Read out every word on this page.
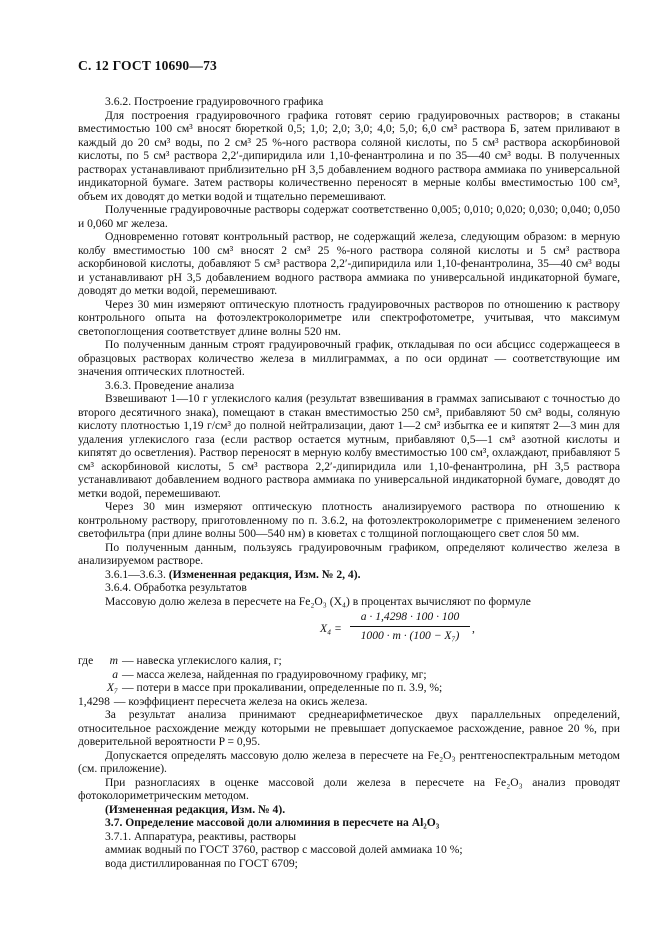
С. 12 ГОСТ 10690—73

3.6.2. Построение градуировочного графика

Для построения градуировочного графика готовят серию градуировочных растворов; в стаканы вместимостью 100 см³ вносят бюреткой 0,5; 1,0; 2,0; 3,0; 4,0; 5,0; 6,0 см³ раствора Б, затем приливают в каждый до 20 см³ воды, по 2 см³ 25 %-ного раствора соляной кислоты, по 5 см³ раствора аскорбиновой кислоты, по 5 см³ раствора 2,2′-дипиридила или 1,10-фенантролина и по 35—40 см³ воды. В полученных растворах устанавливают приблизительно pH 3,5 добавлением водного раствора аммиака по универсальной индикаторной бумаге. Затем растворы количественно переносят в мерные колбы вместимостью 100 см³, объем их доводят до метки водой и тщательно перемешивают.

Полученные градуировочные растворы содержат соответственно 0,005; 0,010; 0,020; 0,030; 0,040; 0,050 и 0,060 мг железа.

Одновременно готовят контрольный раствор, не содержащий железа, следующим образом: в мерную колбу вместимостью 100 см³ вносят 2 см³ 25 %-ного раствора соляной кислоты и 5 см³ раствора аскорбиновой кислоты, добавляют 5 см³ раствора 2,2′-дипиридила или 1,10-фенантролина, 35—40 см³ воды и устанавливают pH 3,5 добавлением водного раствора аммиака по универсальной индикаторной бумаге, доводят до метки водой, перемешивают.

Через 30 мин измеряют оптическую плотность градуировочных растворов по отношению к раствору контрольного опыта на фотоэлектроколориметре или спектрофотометре, учитывая, что максимум светопоглощения соответствует длине волны 520 нм.

По полученным данным строят градуировочный график, откладывая по оси абсцисс содержащееся в образцовых растворах количество железа в миллиграммах, а по оси ординат — соответствующие им значения оптических плотностей.

3.6.3. Проведение анализа

Взвешивают 1—10 г углекислого калия (результат взвешивания в граммах записывают с точностью до второго десятичного знака), помещают в стакан вместимостью 250 см³, прибавляют 50 см³ воды, соляную кислоту плотностью 1,19 г/см³ до полной нейтрализации, дают 1—2 см³ избытка ее и кипятят 2—3 мин для удаления углекислого газа (если раствор остается мутным, прибавляют 0,5—1 см³ азотной кислоты и кипятят до осветления). Раствор переносят в мерную колбу вместимостью 100 см³, охлаждают, прибавляют 5 см³ аскорбиновой кислоты, 5 см³ раствора 2,2′-дипиридила или 1,10-фенантролина, pH 3,5 раствора устанавливают добавлением водного раствора аммиака по универсальной индикаторной бумаге, доводят до метки водой, перемешивают.

Через 30 мин измеряют оптическую плотность анализируемого раствора по отношению к контрольному раствору, приготовленному по п. 3.6.2, на фотоэлектроколориметре с применением зеленого светофильтра (при длине волны 500—540 нм) в кюветах с толщиной поглощающего свет слоя 50 мм.

По полученным данным, пользуясь градуировочным графиком, определяют количество железа в анализируемом растворе.

3.6.1—3.6.3. (Измененная редакция, Изм. № 2, 4).

3.6.4. Обработка результатов

Массовую долю железа в пересчете на Fe₂O₃ (X₄) в процентах вычисляют по формуле

X₄ =
a · 1,4298 · 100 · 100
1000 · m · (100 − X₇)
,

где	m — навеска углекислого калия, г;

a — масса железа, найденная по градуировочному графику, мг;

X₇ — потери в массе при прокаливании, определенные по п. 3.9, %;

1,4298 — коэффициент пересчета железа на окись железа.

За результат анализа принимают среднеарифметическое двух параллельных определений, относительное расхождение между которыми не превышает допускаемое расхождение, равное 20 %, при доверительной вероятности P = 0,95.

Допускается определять массовую долю железа в пересчете на Fe₂O₃ рентгеноспектральным методом (см. приложение).

При разногласиях в оценке массовой доли железа в пересчете на Fe₂O₃ анализ проводят фотоколориметрическим методом.

(Измененная редакция, Изм. № 4).

3.7. Определение массовой доли алюминия в пересчете на Al₂O₃

3.7.1. Аппаратура, реактивы, растворы

аммиак водный по ГОСТ 3760, раствор с массовой долей аммиака 10 %;

вода дистиллированная по ГОСТ 6709;
